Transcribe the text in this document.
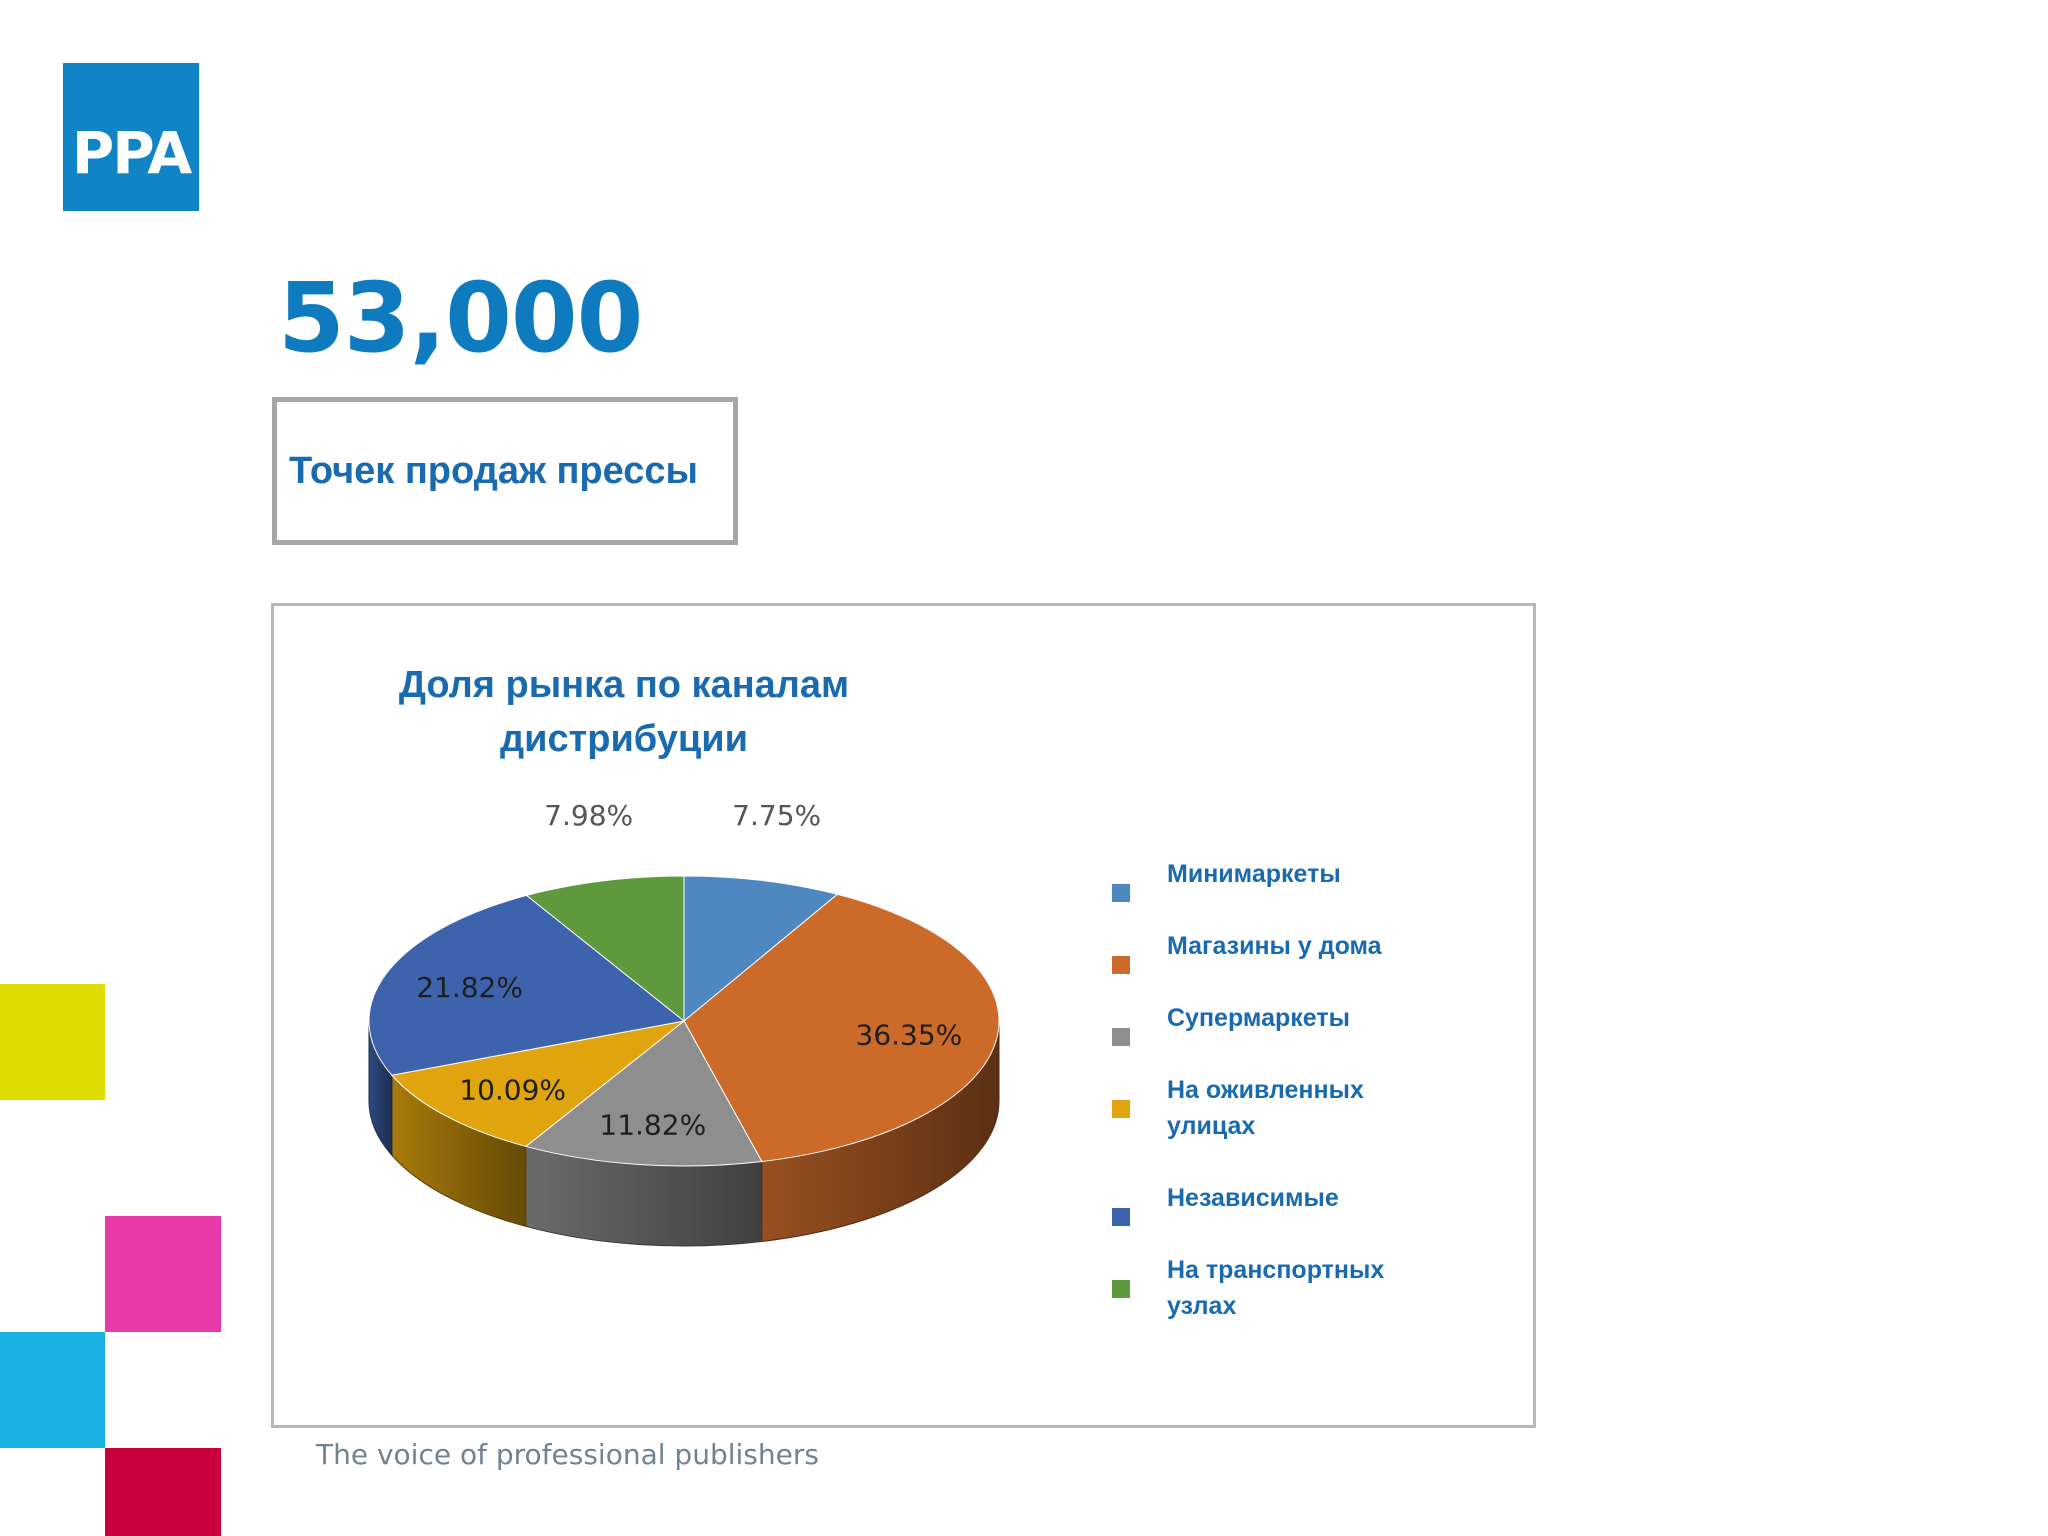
PPA
53,000
Точек продаж прессы
Доля рынка по каналам
дистрибуции
7.75%
36.35%
11.82%
10.09%
21.82%
7.98%
Минимаркеты
Магазины у дома
Супермаркеты
На оживленных улицах
Независимые
На транспортных узлах
The voice of professional publishers
